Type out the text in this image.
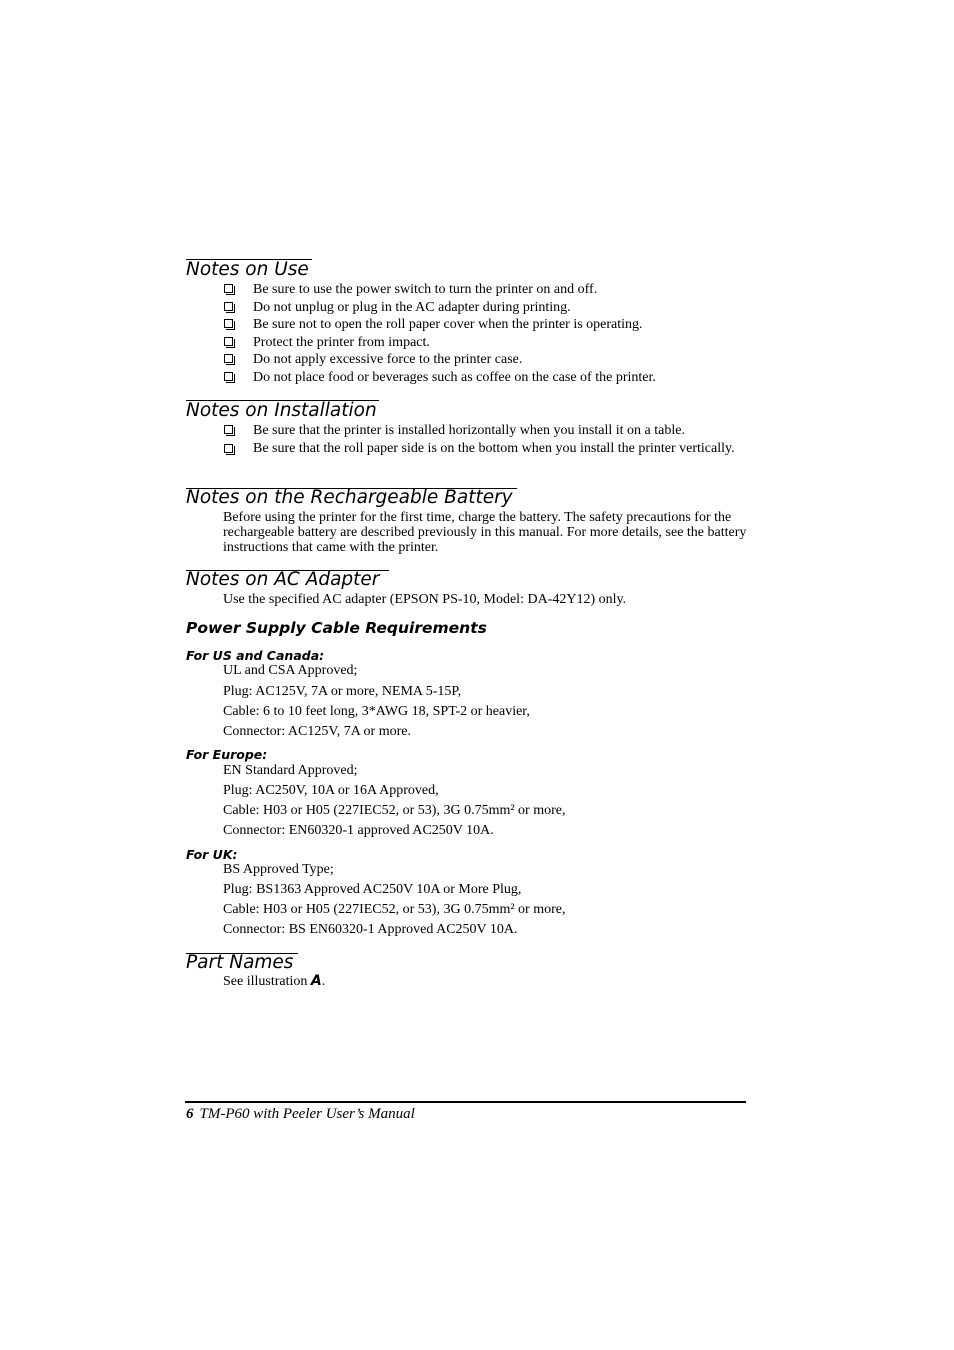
Notes on Use
Be sure to use the power switch to turn the printer on and off.
Do not unplug or plug in the AC adapter during printing.
Be sure not to open the roll paper cover when the printer is operating.
Protect the printer from impact.
Do not apply excessive force to the printer case.
Do not place food or beverages such as coffee on the case of the printer.
Notes on Installation
Be sure that the printer is installed horizontally when you install it on a table.
Be sure that the roll paper side is on the bottom when you install the printer vertically.
Notes on the Rechargeable Battery

Before using the printer for the first time, charge the battery. The safety precautions for the rechargeable battery are described previously in this manual. For more details, see the battery instructions that came with the printer.

Notes on AC Adapter

Use the specified AC adapter (EPSON PS-10, Model: DA-42Y12) only.

Power Supply Cable Requirements
For US and Canada:

UL and CSA Approved;

Plug: AC125V, 7A or more, NEMA 5-15P,

Cable: 6 to 10 feet long, 3*AWG 18, SPT-2 or heavier,

Connector: AC125V, 7A or more.

For Europe:

EN Standard Approved;

Plug: AC250V, 10A or 16A Approved,

Cable: H03 or H05 (227IEC52, or 53), 3G 0.75mm² or more,

Connector: EN60320-1 approved AC250V 10A.

For UK:

BS Approved Type;

Plug: BS1363 Approved AC250V 10A or More Plug,

Cable: H03 or H05 (227IEC52, or 53), 3G 0.75mm² or more,

Connector: BS EN60320-1 Approved AC250V 10A.

Part Names

See illustration A.

6 TM-P60 with Peeler User’s Manual
